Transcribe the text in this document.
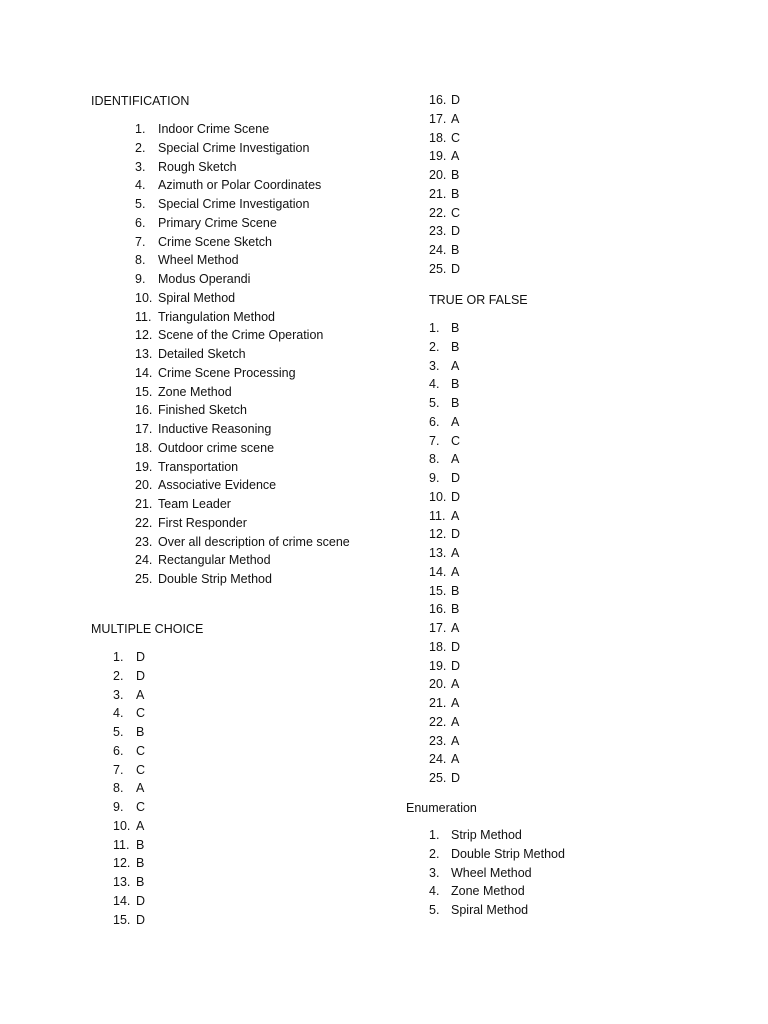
IDENTIFICATION
1. Indoor Crime Scene
2. Special Crime Investigation
3. Rough Sketch
4. Azimuth or Polar Coordinates
5. Special Crime Investigation
6. Primary Crime Scene
7. Crime Scene Sketch
8. Wheel Method
9. Modus Operandi
10. Spiral Method
11. Triangulation Method
12. Scene of the Crime Operation
13. Detailed Sketch
14. Crime Scene Processing
15. Zone Method
16. Finished Sketch
17. Inductive Reasoning
18. Outdoor crime scene
19. Transportation
20. Associative Evidence
21. Team Leader
22. First Responder
23. Over all description of crime scene
24. Rectangular Method
25. Double Strip Method
MULTIPLE CHOICE
1. D
2. D
3. A
4. C
5. B
6. C
7. C
8. A
9. C
10. A
11. B
12. B
13. B
14. D
15. D
16. D
17. A
18. C
19. A
20. B
21. B
22. C
23. D
24. B
25. D
TRUE OR FALSE
1. B
2. B
3. A
4. B
5. B
6. A
7. C
8. A
9. D
10. D
11. A
12. D
13. A
14. A
15. B
16. B
17. A
18. D
19. D
20. A
21. A
22. A
23. A
24. A
25. D
Enumeration
1. Strip Method
2. Double Strip Method
3. Wheel Method
4. Zone Method
5. Spiral Method
